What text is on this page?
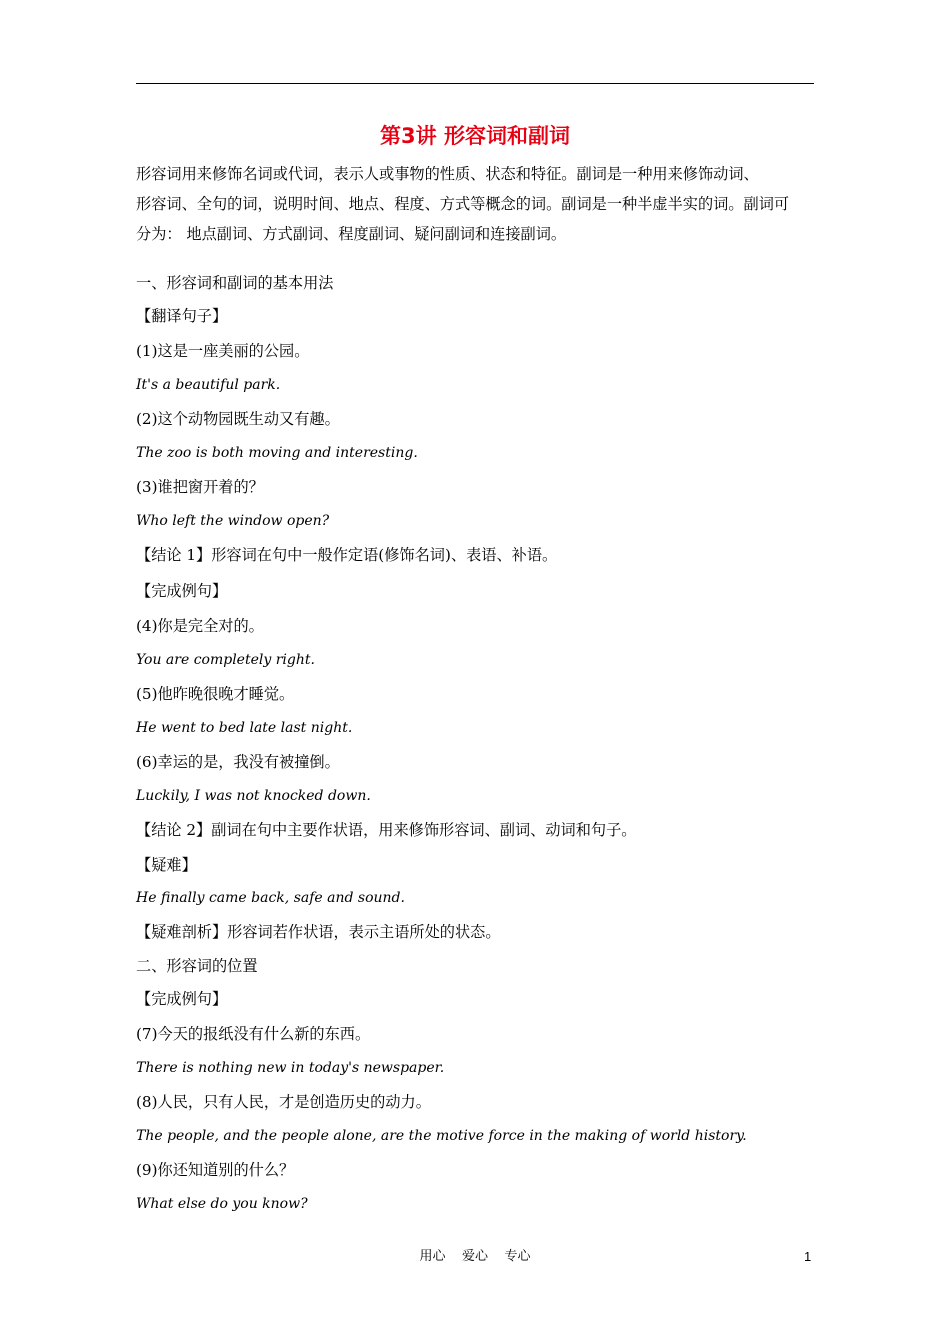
第3讲 形容词和副词

形容词用来修饰名词或代词，表示人或事物的性质、状态和特征。副词是一种用来修饰动词、

形容词、全句的词，说明时间、地点、程度、方式等概念的词。副词是一种半虚半实的词。副词可

分为： 地点副词、方式副词、程度副词、疑问副词和连接副词。

一、形容词和副词的基本用法
【翻译句子】
(1)这是一座美丽的公园。
It's a beautiful park.
(2)这个动物园既生动又有趣。
The zoo is both moving and interesting.
(3)谁把窗开着的？
Who left the window open?
【结论 1】形容词在句中一般作定语(修饰名词)、表语、补语。
【完成例句】
(4)你是完全对的。
You are completely right.
(5)他昨晚很晚才睡觉。
He went to bed late last night.
(6)幸运的是，我没有被撞倒。
Luckily, I was not knocked down.
【结论 2】副词在句中主要作状语，用来修饰形容词、副词、动词和句子。
【疑难】
He finally came back, safe and sound.
【疑难剖析】形容词若作状语，表示主语所处的状态。
二、形容词的位置
【完成例句】
(7)今天的报纸没有什么新的东西。
There is nothing new in today's newspaper.
(8)人民，只有人民，才是创造历史的动力。
The people, and the people alone, are the motive force in the making of world history.
(9)你还知道别的什么？
What else do you know?
用心    爱心    专心	1
